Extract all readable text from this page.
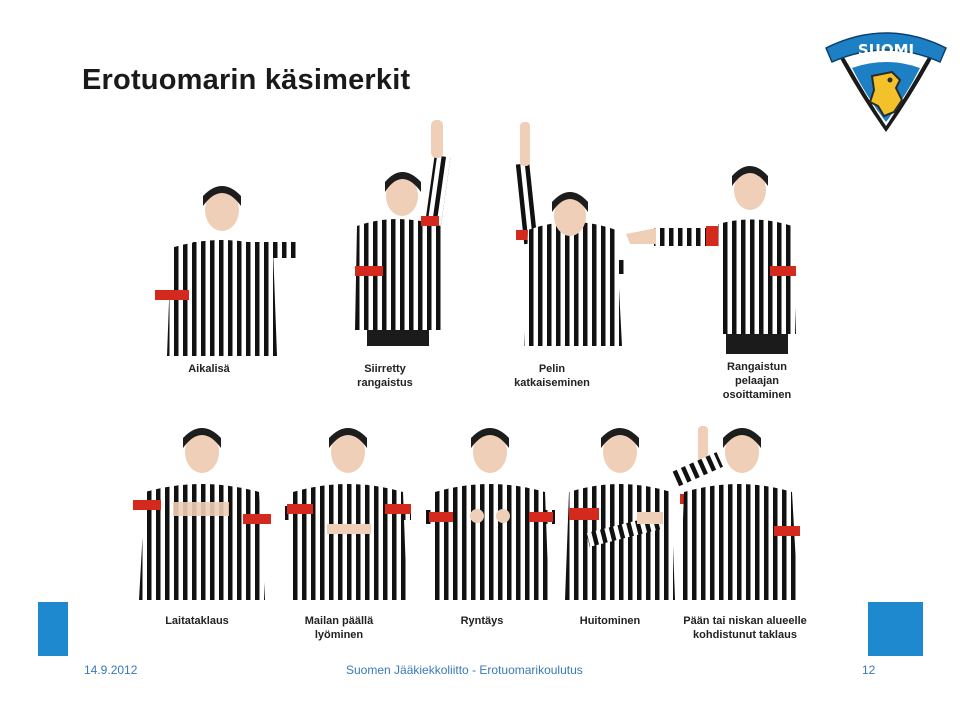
Erotuomarin käsimerkit
SUOMI
Aikalisä	Siirretty
rangaistus
Pelin
katkaiseminen
Rangaistun
pelaajan
osoittaminen
Laitataklaus	Mailan päällä
lyöminen
Ryntäys	Huitominen	Pään tai niskan alueelle
kohdistunut taklaus
14.9.2012	Suomen Jääkiekkoliitto - Erotuomarikoulutus	12
